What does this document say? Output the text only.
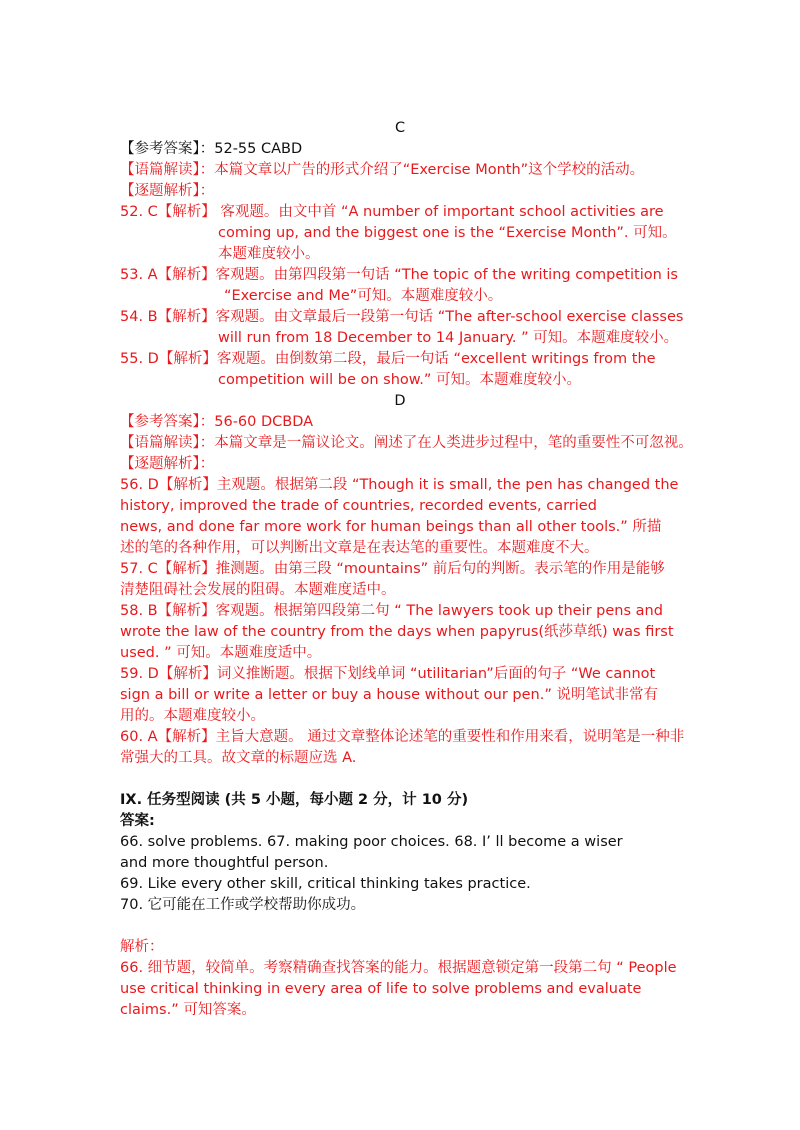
C
【参考答案】：52-55 CABD
【语篇解读】：本篇文章以广告的形式介绍了“Exercise Month”这个学校的活动。
【逐题解析】：
52. C【解析】 客观题。由文中首 “A number of important school activities are
coming up, and the biggest one is the “Exercise Month”. 可知。
本题难度较小。
53. A【解析】客观题。由第四段第一句话 “The topic of the writing competition is
“Exercise and Me”可知。本题难度较小。
54. B【解析】客观题。由文章最后一段第一句话 “The after-school exercise classes
will run from 18 December to 14 January. ” 可知。本题难度较小。
55. D【解析】客观题。由倒数第二段，最后一句话 “excellent writings from the
competition will be on show.” 可知。本题难度较小。
D
【参考答案】：56-60 DCBDA
【语篇解读】：本篇文章是一篇议论文。阐述了在人类进步过程中，笔的重要性不可忽视。
【逐题解析】：
56. D【解析】主观题。根据第二段 “Though it is small, the pen has changed the
history, improved the trade of countries, recorded events, carried
news, and done far more work for human beings than all other tools.” 所描
述的笔的各种作用，可以判断出文章是在表达笔的重要性。本题难度不大。
57. C【解析】推测题。由第三段 “mountains” 前后句的判断。表示笔的作用是能够
清楚阻碍社会发展的阻碍。本题难度适中。
58. B【解析】客观题。根据第四段第二句 “ The lawyers took up their pens and
wrote the law of the country from the days when papyrus(纸莎草纸) was first
used. ” 可知。本题难度适中。
59. D【解析】词义推断题。根据下划线单词 “utilitarian”后面的句子 “We cannot
sign a bill or write a letter or buy a house without our pen.” 说明笔试非常有
用的。本题难度较小。
60. A【解析】主旨大意题。 通过文章整体论述笔的重要性和作用来看，说明笔是一种非
常强大的工具。故文章的标题应选 A.
IX. 任务型阅读 (共 5 小题，每小题 2 分，计 10 分)
答案:
66. solve problems. 67. making poor choices. 68. I’ ll become a wiser
and more thoughtful person.
69. Like every other skill, critical thinking takes practice.
70. 它可能在工作或学校帮助你成功。
解析：
66. 细节题，较简单。考察精确查找答案的能力。根据题意锁定第一段第二句 “ People
use critical thinking in every area of life to solve problems and evaluate
claims.” 可知答案。
